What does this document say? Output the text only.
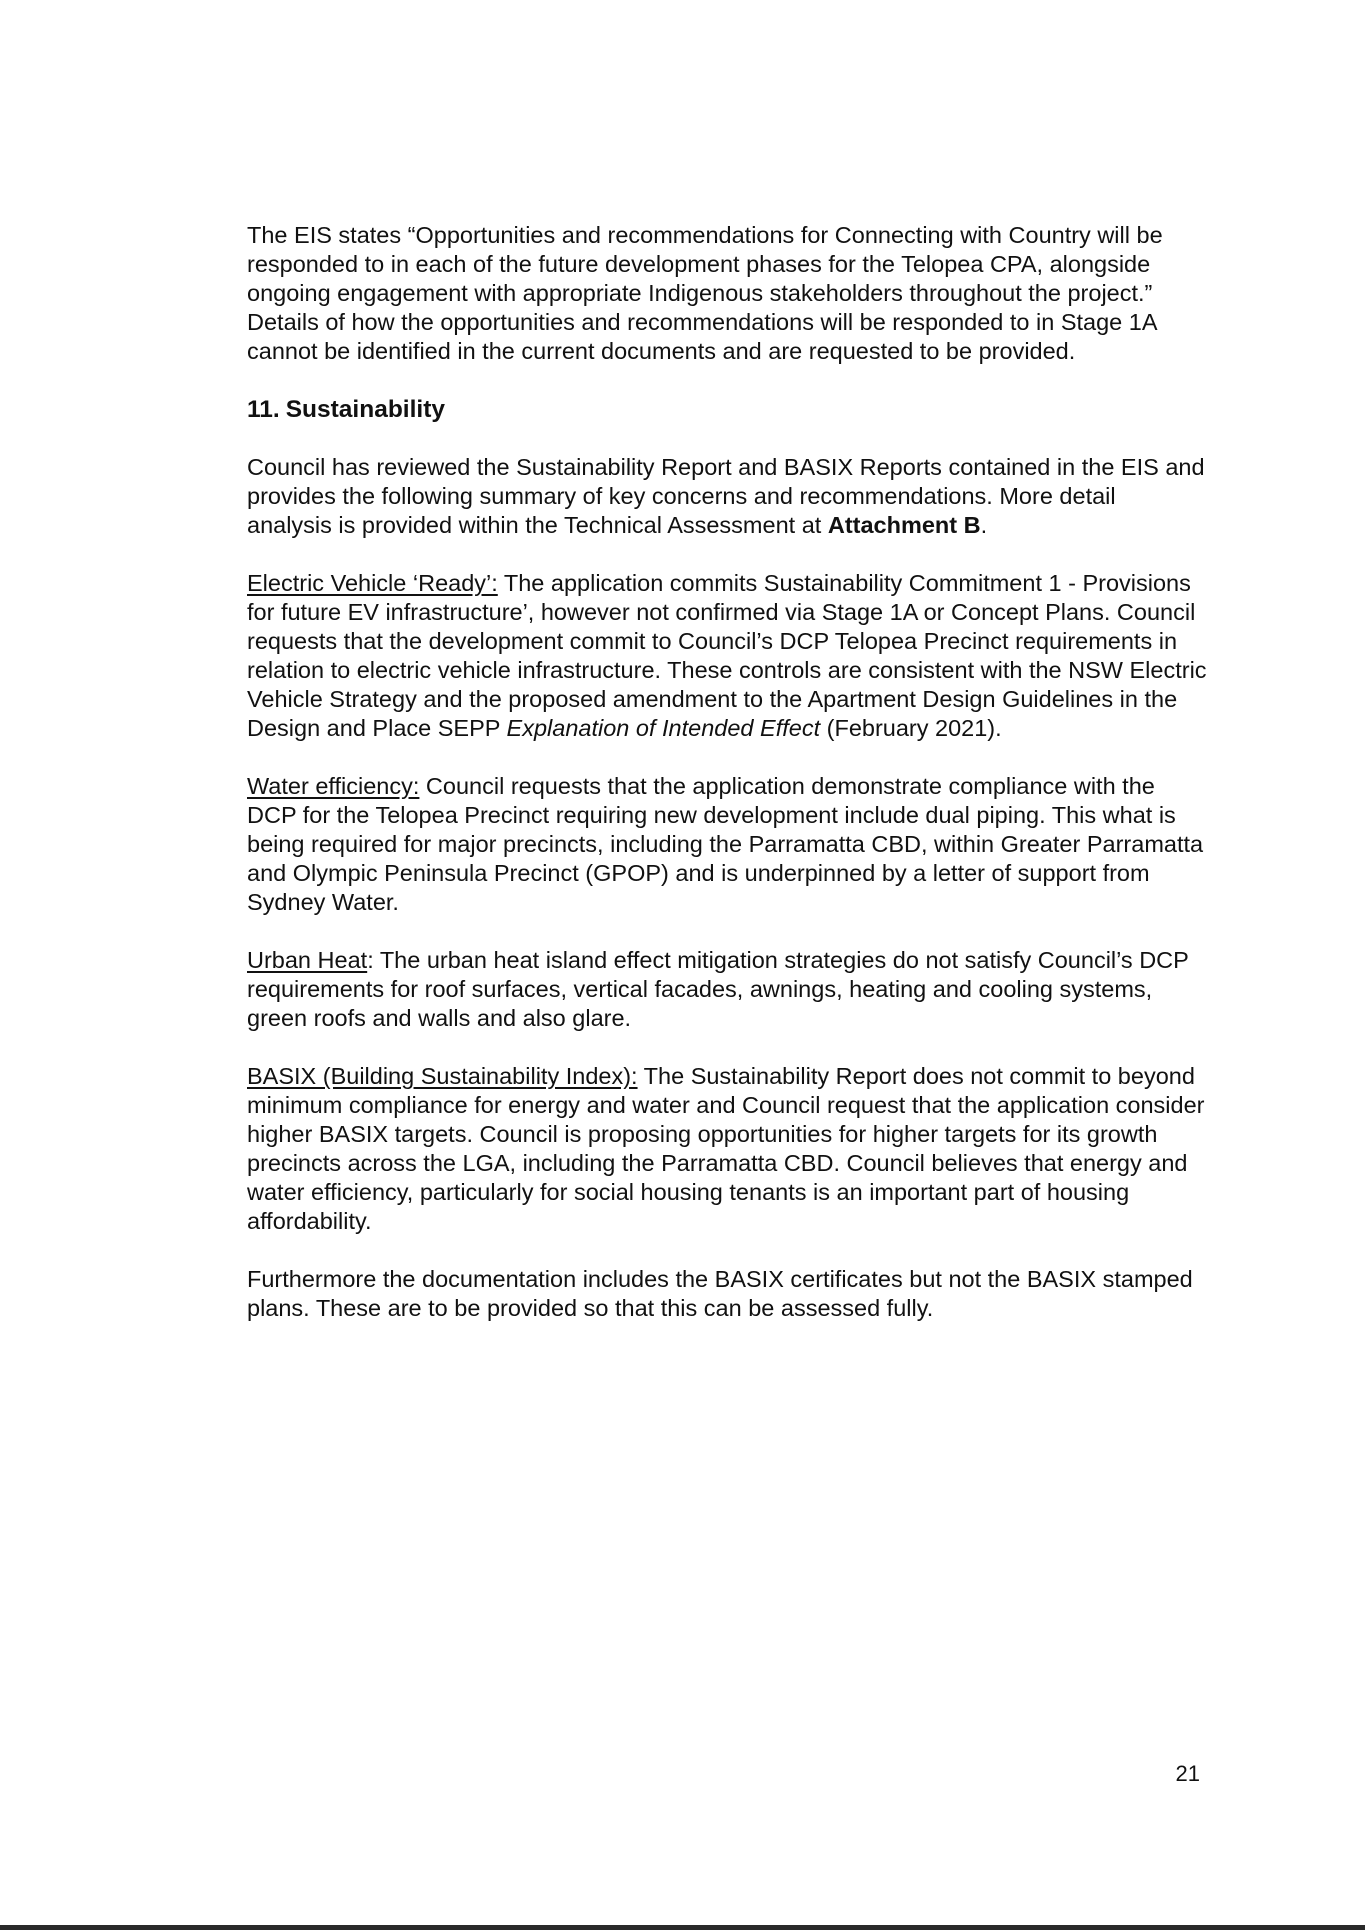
The EIS states “Opportunities and recommendations for Connecting with Country will be responded to in each of the future development phases for the Telopea CPA, alongside ongoing engagement with appropriate Indigenous stakeholders throughout the project.” Details of how the opportunities and recommendations will be responded to in Stage 1A cannot be identified in the current documents and are requested to be provided.

11. Sustainability

Council has reviewed the Sustainability Report and BASIX Reports contained in the EIS and provides the following summary of key concerns and recommendations. More detail analysis is provided within the Technical Assessment at Attachment B.

Electric Vehicle ‘Ready’: The application commits Sustainability Commitment 1 - Provisions for future EV infrastructure’, however not confirmed via Stage 1A or Concept Plans. Council requests that the development commit to Council’s DCP Telopea Precinct requirements in relation to electric vehicle infrastructure. These controls are consistent with the NSW Electric Vehicle Strategy and the proposed amendment to the Apartment Design Guidelines in the Design and Place SEPP Explanation of Intended Effect (February 2021).

Water efficiency: Council requests that the application demonstrate compliance with the DCP for the Telopea Precinct requiring new development include dual piping. This what is being required for major precincts, including the Parramatta CBD, within Greater Parramatta and Olympic Peninsula Precinct (GPOP) and is underpinned by a letter of support from Sydney Water.

Urban Heat: The urban heat island effect mitigation strategies do not satisfy Council’s DCP requirements for roof surfaces, vertical facades, awnings, heating and cooling systems, green roofs and walls and also glare.

BASIX (Building Sustainability Index): The Sustainability Report does not commit to beyond minimum compliance for energy and water and Council request that the application consider higher BASIX targets. Council is proposing opportunities for higher targets for its growth precincts across the LGA, including the Parramatta CBD. Council believes that energy and water efficiency, particularly for social housing tenants is an important part of housing affordability.

Furthermore the documentation includes the BASIX certificates but not the BASIX stamped plans. These are to be provided so that this can be assessed fully.

21
